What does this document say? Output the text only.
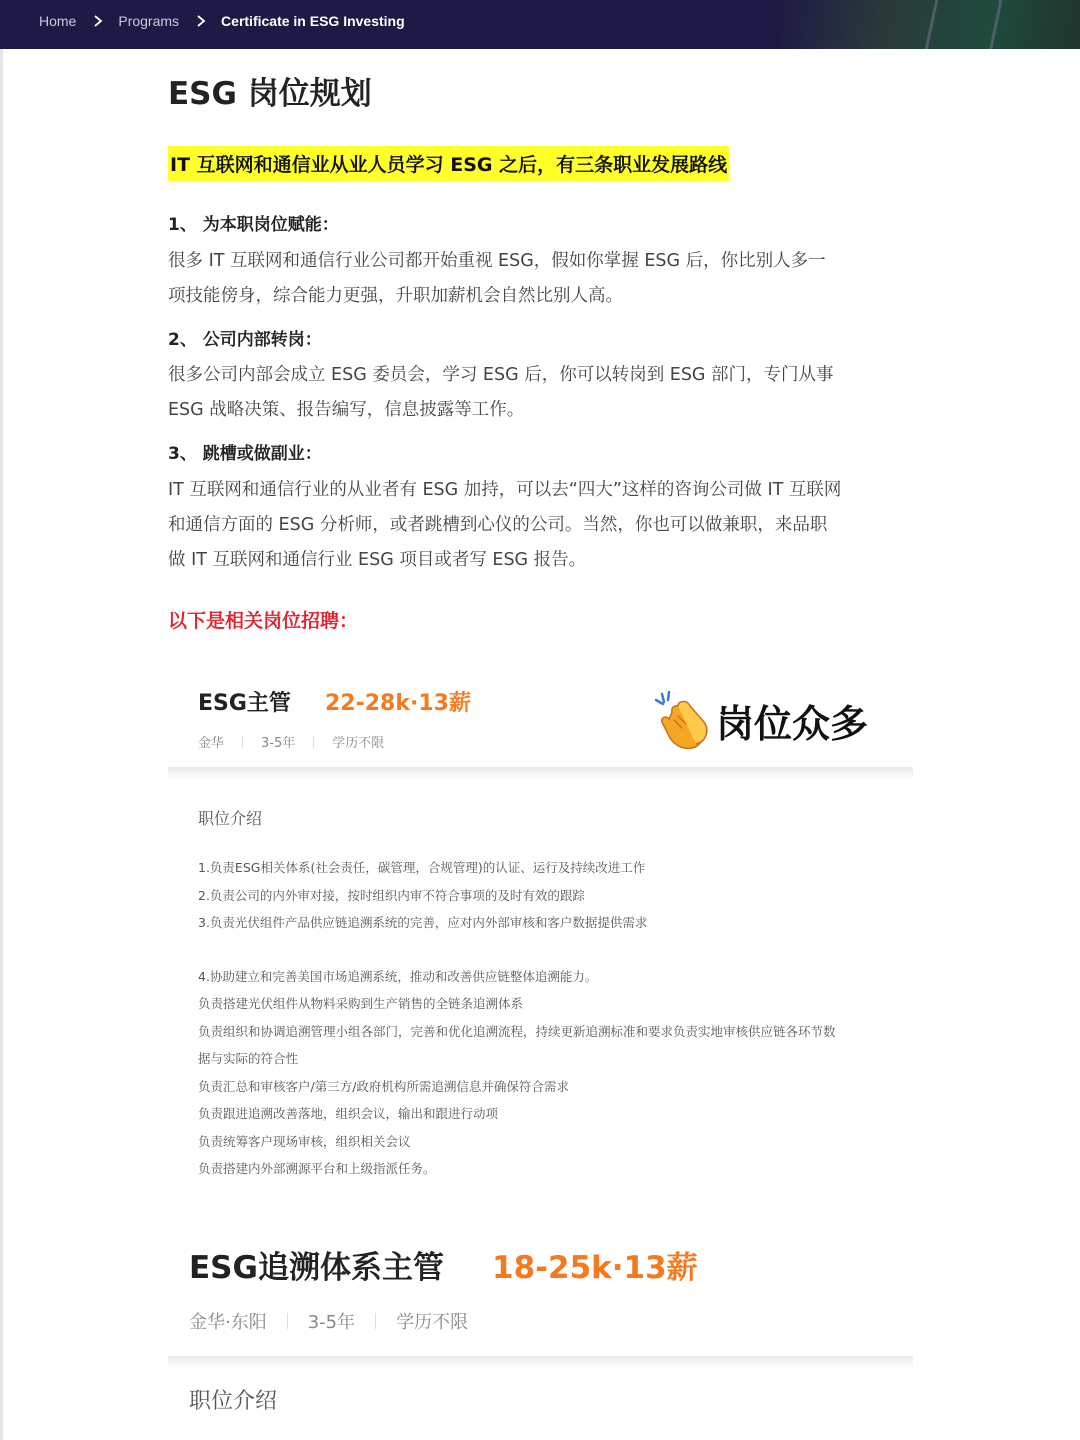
Home	Programs	Certificate in ESG Investing
ESG 岗位规划
IT 互联网和通信业从业人员学习 ESG 之后，有三条职业发展路线
1、 为本职岗位赋能：
很多 IT 互联网和通信行业公司都开始重视 ESG，假如你掌握 ESG 后，你比别人多一
项技能傍身，综合能力更强，升职加薪机会自然比别人高。
2、 公司内部转岗：
很多公司内部会成立 ESG 委员会，学习 ESG 后，你可以转岗到 ESG 部门，专门从事
ESG 战略决策、报告编写，信息披露等工作。
3、 跳槽或做副业：
IT 互联网和通信行业的从业者有 ESG 加持，可以去“四大”这样的咨询公司做 IT 互联网
和通信方面的 ESG 分析师，或者跳槽到心仪的公司。当然，你也可以做兼职，来品职
做 IT 互联网和通信行业 ESG 项目或者写 ESG 报告。
以下是相关岗位招聘：
ESG主管 22-28k·13薪
金华	3-5年	学历不限	岗位众多
职位介绍
1.负责ESG相关体系(社会责任，碳管理，合规管理)的认证、运行及持续改进工作
2.负责公司的内外审对接，按时组织内审不符合事项的及时有效的跟踪
3.负责光伏组件产品供应链追溯系统的完善，应对内外部审核和客户数据提供需求
4.协助建立和完善美国市场追溯系统，推动和改善供应链整体追溯能力。
负责搭建光伏组件从物料采购到生产销售的全链条追溯体系
负责组织和协调追溯管理小组各部门，完善和优化追溯流程，持续更新追溯标准和要求负责实地审核供应链各环节数
据与实际的符合性
负责汇总和审核客户/第三方/政府机构所需追溯信息并确保符合需求
负责跟进追溯改善落地，组织会议，输出和跟进行动项
负责统筹客户现场审核，组织相关会议
负责搭建内外部溯源平台和上级指派任务。
ESG追溯体系主管 18-25k·13薪
金华·东阳 3-5年 学历不限
职位介绍
